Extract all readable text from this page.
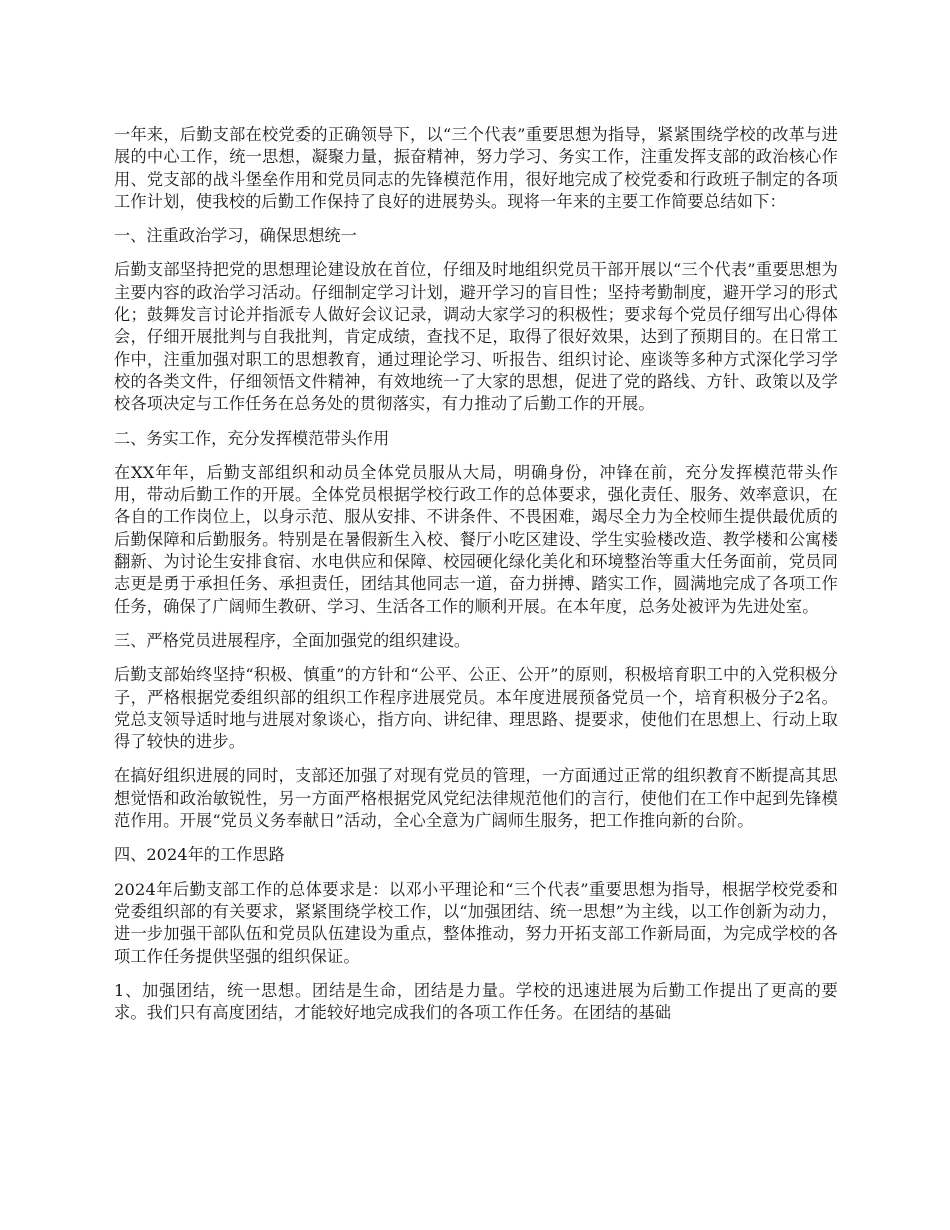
一年来，后勤支部在校党委的正确领导下，以“三个代表”重要思想为指导，紧紧围绕学校的改革与进展的中心工作，统一思想，凝聚力量，振奋精神，努力学习、务实工作，注重发挥支部的政治核心作用、党支部的战斗堡垒作用和党员同志的先锋模范作用，很好地完成了校党委和行政班子制定的各项工作计划，使我校的后勤工作保持了良好的进展势头。现将一年来的主要工作简要总结如下：

一、注重政治学习，确保思想统一

后勤支部坚持把党的思想理论建设放在首位，仔细及时地组织党员干部开展以“三个代表”重要思想为主要内容的政治学习活动。仔细制定学习计划，避开学习的盲目性；坚持考勤制度，避开学习的形式化；鼓舞发言讨论并指派专人做好会议记录，调动大家学习的积极性；要求每个党员仔细写出心得体会，仔细开展批判与自我批判，肯定成绩，查找不足，取得了很好效果，达到了预期目的。在日常工作中，注重加强对职工的思想教育，通过理论学习、听报告、组织讨论、座谈等多种方式深化学习学校的各类文件，仔细领悟文件精神，有效地统一了大家的思想，促进了党的路线、方针、政策以及学校各项决定与工作任务在总务处的贯彻落实，有力推动了后勤工作的开展。

二、务实工作，充分发挥模范带头作用

在XX年年，后勤支部组织和动员全体党员服从大局，明确身份，冲锋在前，充分发挥模范带头作用，带动后勤工作的开展。全体党员根据学校行政工作的总体要求，强化责任、服务、效率意识，在各自的工作岗位上，以身示范、服从安排、不讲条件、不畏困难，竭尽全力为全校师生提供最优质的后勤保障和后勤服务。特别是在暑假新生入校、餐厅小吃区建设、学生实验楼改造、教学楼和公寓楼翻新、为讨论生安排食宿、水电供应和保障、校园硬化绿化美化和环境整治等重大任务面前，党员同志更是勇于承担任务、承担责任，团结其他同志一道，奋力拼搏、踏实工作，圆满地完成了各项工作任务，确保了广阔师生教研、学习、生活各工作的顺利开展。在本年度，总务处被评为先进处室。

三、严格党员进展程序，全面加强党的组织建设。

后勤支部始终坚持“积极、慎重”的方针和“公平、公正、公开”的原则，积极培育职工中的入党积极分子，严格根据党委组织部的组织工作程序进展党员。本年度进展预备党员一个，培育积极分子2名。党总支领导适时地与进展对象谈心，指方向、讲纪律、理思路、提要求，使他们在思想上、行动上取得了较快的进步。

在搞好组织进展的同时，支部还加强了对现有党员的管理，一方面通过正常的组织教育不断提高其思想觉悟和政治敏锐性，另一方面严格根据党风党纪法律规范他们的言行，使他们在工作中起到先锋模范作用。开展“党员义务奉献日”活动，全心全意为广阔师生服务，把工作推向新的台阶。

四、2024年的工作思路

2024年后勤支部工作的总体要求是：以邓小平理论和“三个代表”重要思想为指导，根据学校党委和党委组织部的有关要求，紧紧围绕学校工作，以“加强团结、统一思想”为主线，以工作创新为动力，进一步加强干部队伍和党员队伍建设为重点，整体推动，努力开拓支部工作新局面，为完成学校的各项工作任务提供坚强的组织保证。

1、加强团结，统一思想。团结是生命，团结是力量。学校的迅速进展为后勤工作提出了更高的要求。我们只有高度团结，才能较好地完成我们的各项工作任务。在团结的基础
